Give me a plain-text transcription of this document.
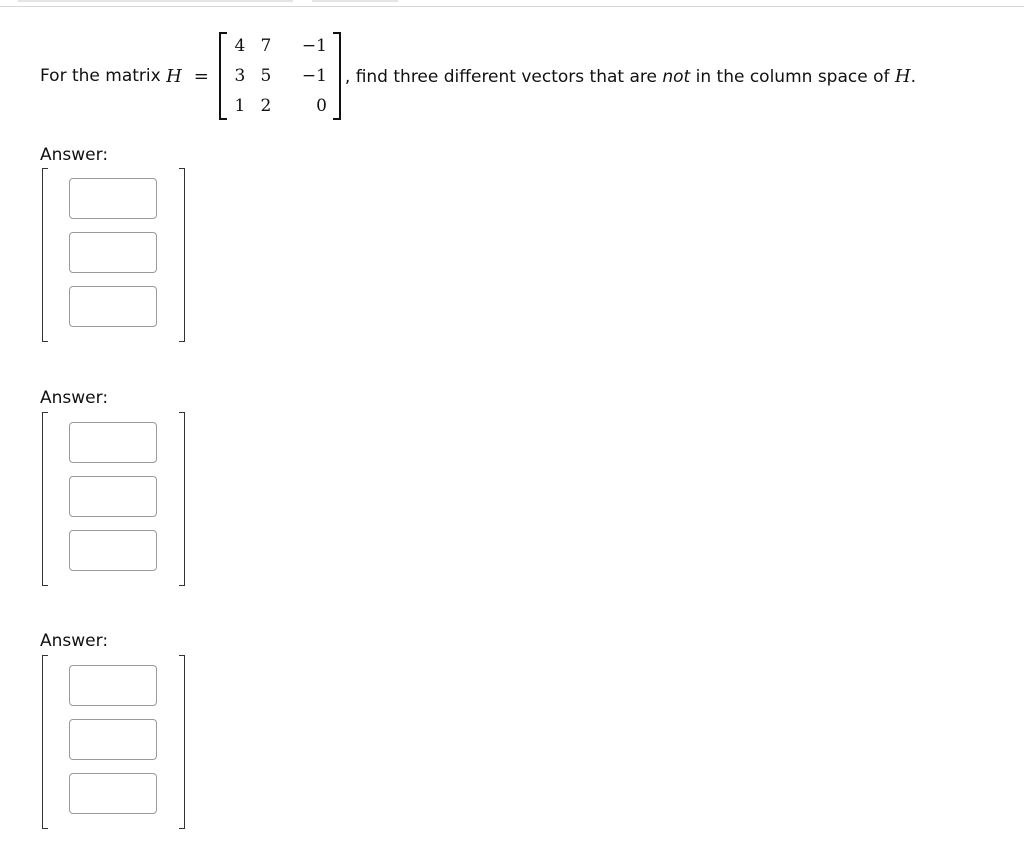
For the matrix
H =
4	7	−1
3	5	−1
1	2	0
, find three different vectors that are not in the column space of H.
Answer:
Answer:
Answer:
